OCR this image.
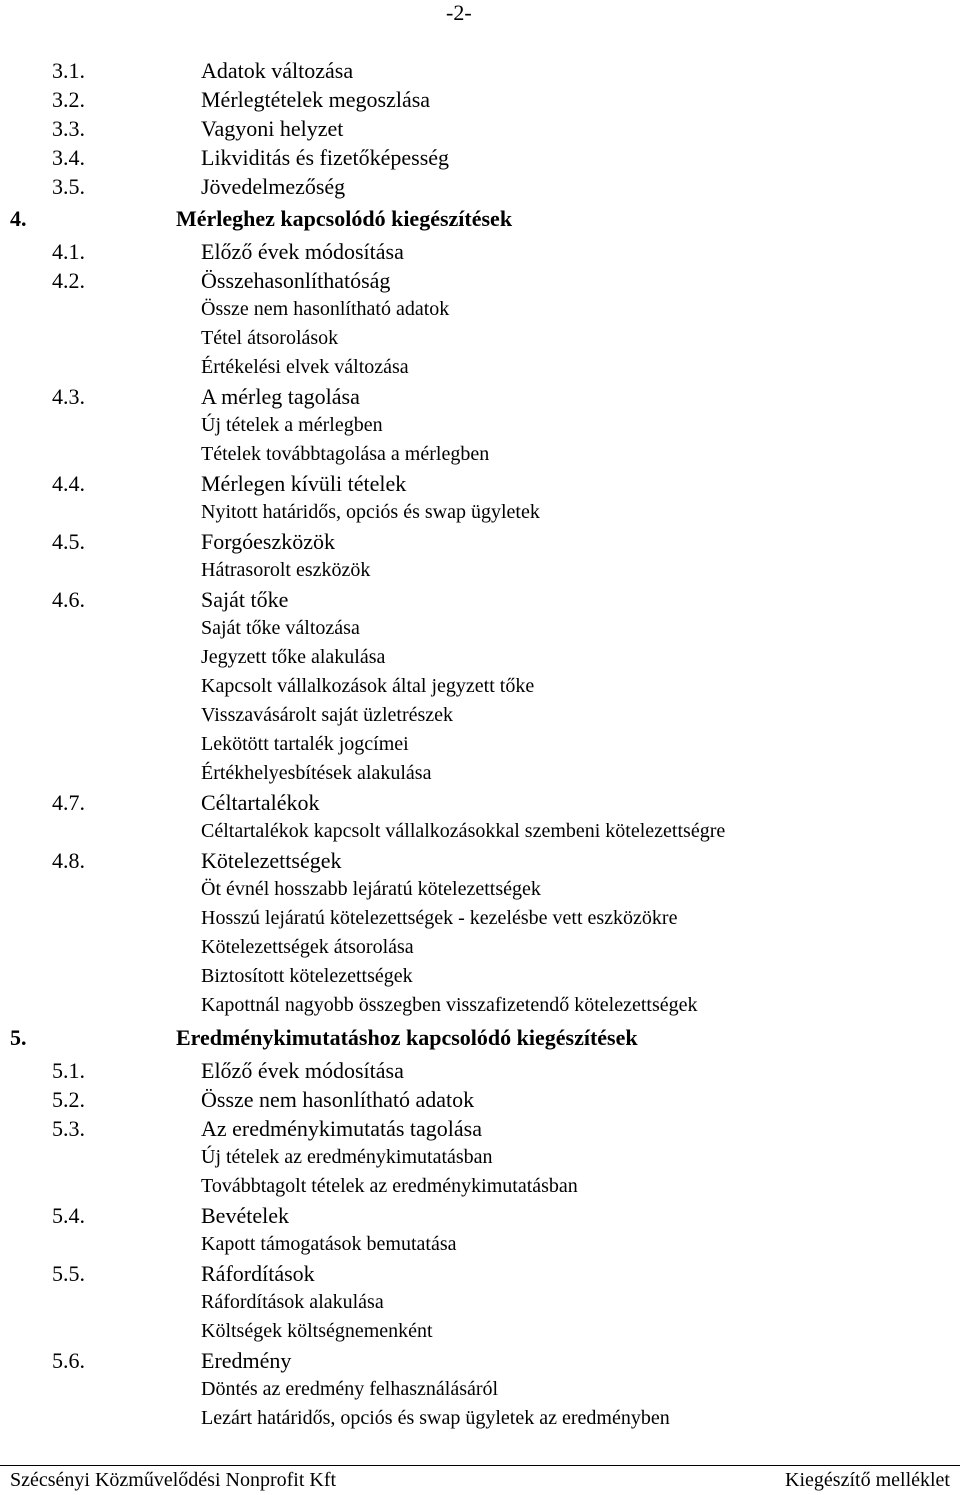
-2-
3.1.	Adatok változása
3.2.	Mérlegtételek megoszlása
3.3.	Vagyoni helyzet
3.4.	Likviditás és fizetőképesség
3.5.	Jövedelmezőség
4.	Mérleghez kapcsolódó kiegészítések
4.1.	Előző évek módosítása
4.2.	Összehasonlíthatóság
Össze nem hasonlítható adatok
Tétel átsorolások
Értékelési elvek változása
4.3.	A mérleg tagolása
Új tételek a mérlegben
Tételek továbbtagolása a mérlegben
4.4.	Mérlegen kívüli tételek
Nyitott határidős, opciós és swap ügyletek
4.5.	Forgóeszközök
Hátrasorolt eszközök
4.6.	Saját tőke
Saját tőke változása
Jegyzett tőke alakulása
Kapcsolt vállalkozások által jegyzett tőke
Visszavásárolt saját üzletrészek
Lekötött tartalék jogcímei
Értékhelyesbítések alakulása
4.7.	Céltartalékok
Céltartalékok kapcsolt vállalkozásokkal szembeni kötelezettségre
4.8.	Kötelezettségek
Öt évnél hosszabb lejáratú kötelezettségek
Hosszú lejáratú kötelezettségek - kezelésbe vett eszközökre
Kötelezettségek átsorolása
Biztosított kötelezettségek
Kapottnál nagyobb összegben visszafizetendő kötelezettségek
5.	Eredménykimutatáshoz kapcsolódó kiegészítések
5.1.	Előző évek módosítása
5.2.	Össze nem hasonlítható adatok
5.3.	Az eredménykimutatás tagolása
Új tételek az eredménykimutatásban
Továbbtagolt tételek az eredménykimutatásban
5.4.	Bevételek
Kapott támogatások bemutatása
5.5.	Ráfordítások
Ráfordítások alakulása
Költségek költségnemenként
5.6.	Eredmény
Döntés az eredmény felhasználásáról
Lezárt határidős, opciós és swap ügyletek az eredményben
Szécsényi Közművelődési Nonprofit Kft	Kiegészítő melléklet
